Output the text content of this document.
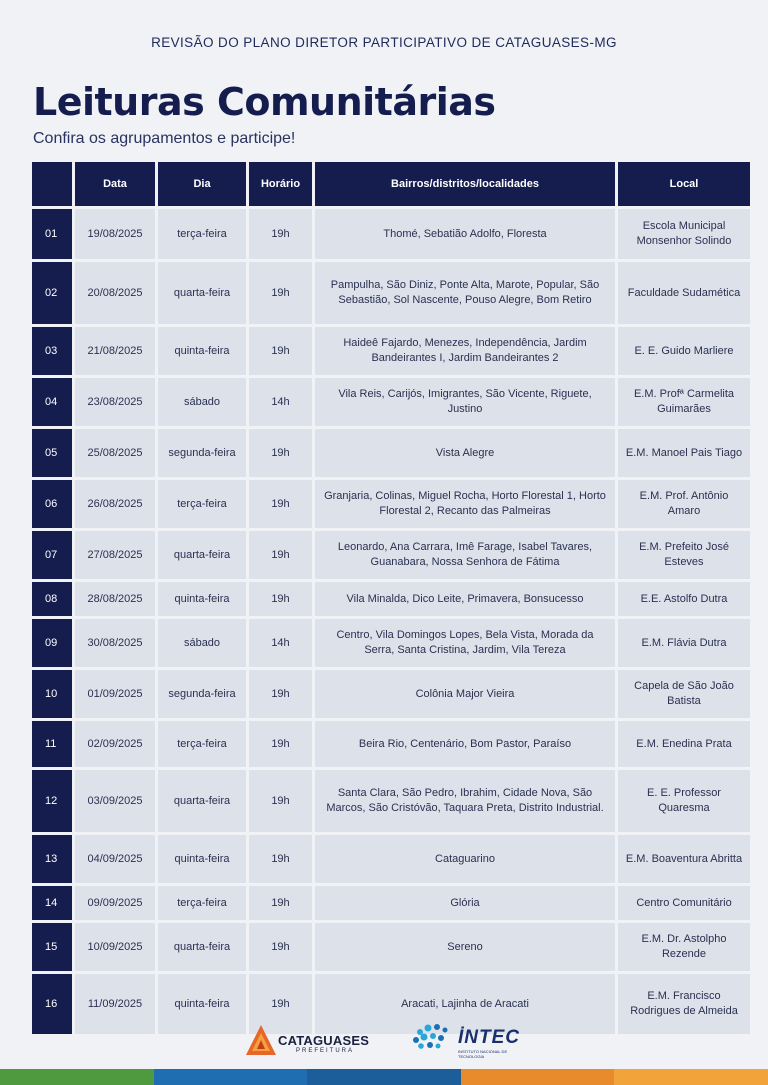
REVISÃO DO PLANO DIRETOR PARTICIPATIVO DE CATAGUASES-MG
Leituras Comunitárias
Confira os agrupamentos e participe!
	Data	Dia	Horário	Bairros/distritos/localidades	Local
01	19/08/2025	terça-feira	19h	Thomé, Sebatião Adolfo, Floresta	Escola Municipal Monsenhor Solindo
02	20/08/2025	quarta-feira	19h	Pampulha, São Diniz, Ponte Alta, Marote, Popular, São Sebastião, Sol Nascente, Pouso Alegre, Bom Retiro	Faculdade Sudamética
03	21/08/2025	quinta-feira	19h	Haideê Fajardo, Menezes, Independência, Jardim Bandeirantes I, Jardim Bandeirantes 2	E. E. Guido Marliere
04	23/08/2025	sábado	14h	Vila Reis, Carijós, Imigrantes, São Vicente, Riguete, Justino	E.M. Profª Carmelita Guimarães
05	25/08/2025	segunda-feira	19h	Vista Alegre	E.M. Manoel Pais Tiago
06	26/08/2025	terça-feira	19h	Granjaria, Colinas, Miguel Rocha, Horto Florestal 1, Horto Florestal 2, Recanto das Palmeiras	E.M. Prof. Antônio Amaro
07	27/08/2025	quarta-feira	19h	Leonardo, Ana Carrara, Imê Farage, Isabel Tavares, Guanabara, Nossa Senhora de Fátima	E.M. Prefeito José Esteves
08	28/08/2025	quinta-feira	19h	Vila Minalda, Dico Leite, Primavera, Bonsucesso	E.E. Astolfo Dutra
09	30/08/2025	sábado	14h	Centro, Vila Domingos Lopes, Bela Vista, Morada da Serra, Santa Cristina, Jardim, Vila Tereza	E.M. Flávia Dutra
10	01/09/2025	segunda-feira	19h	Colônia Major Vieira	Capela de São João Batista
11	02/09/2025	terça-feira	19h	Beira Rio, Centenário, Bom Pastor, Paraíso	E.M. Enedina Prata
12	03/09/2025	quarta-feira	19h	Santa Clara, São Pedro, Ibrahim, Cidade Nova, São Marcos, São Cristóvão, Taquara Preta, Distrito Industrial.	E. E. Professor Quaresma
13	04/09/2025	quinta-feira	19h	Cataguarino	E.M. Boaventura Abritta
14	09/09/2025	terça-feira	19h	Glória	Centro Comunitário
15	10/09/2025	quarta-feira	19h	Sereno	E.M. Dr. Astolpho Rezende
16	11/09/2025	quinta-feira	19h	Aracati, Lajinha de Aracati	E.M. Francisco Rodrigues de Almeida
CATAGUASES
PREFEITURA
İNTEC
INSTITUTO NACIONAL DE TECNOLOGIA
